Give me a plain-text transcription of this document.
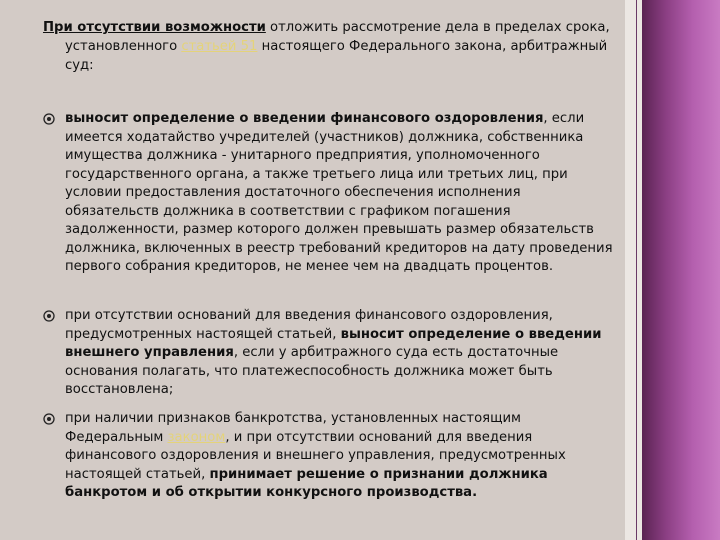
При отсутствии возможности отложить рассмотрение дела в пределах срока, установленного статьей 51 настоящего Федерального закона, арбитражный суд:
выносит определение о введении финансового оздоровления, если имеется ходатайство учредителей (участников) должника, собственника имущества должника - унитарного предприятия, уполномоченного государственного органа, а также третьего лица или третьих лиц, при условии предоставления достаточного обеспечения исполнения обязательств должника в соответствии с графиком погашения задолженности, размер которого должен превышать размер обязательств должника, включенных в реестр требований кредиторов на дату проведения первого собрания кредиторов, не менее чем на двадцать процентов.
при отсутствии оснований для введения финансового оздоровления, предусмотренных настоящей статьей, выносит определение о введении внешнего управления, если у арбитражного суда есть достаточные основания полагать, что платежеспособность должника может быть восстановлена;
при наличии признаков банкротства, установленных настоящим Федеральным законом, и при отсутствии оснований для введения финансового оздоровления и внешнего управления, предусмотренных настоящей статьей, принимает решение о признании должника банкротом и об открытии конкурсного производства.
